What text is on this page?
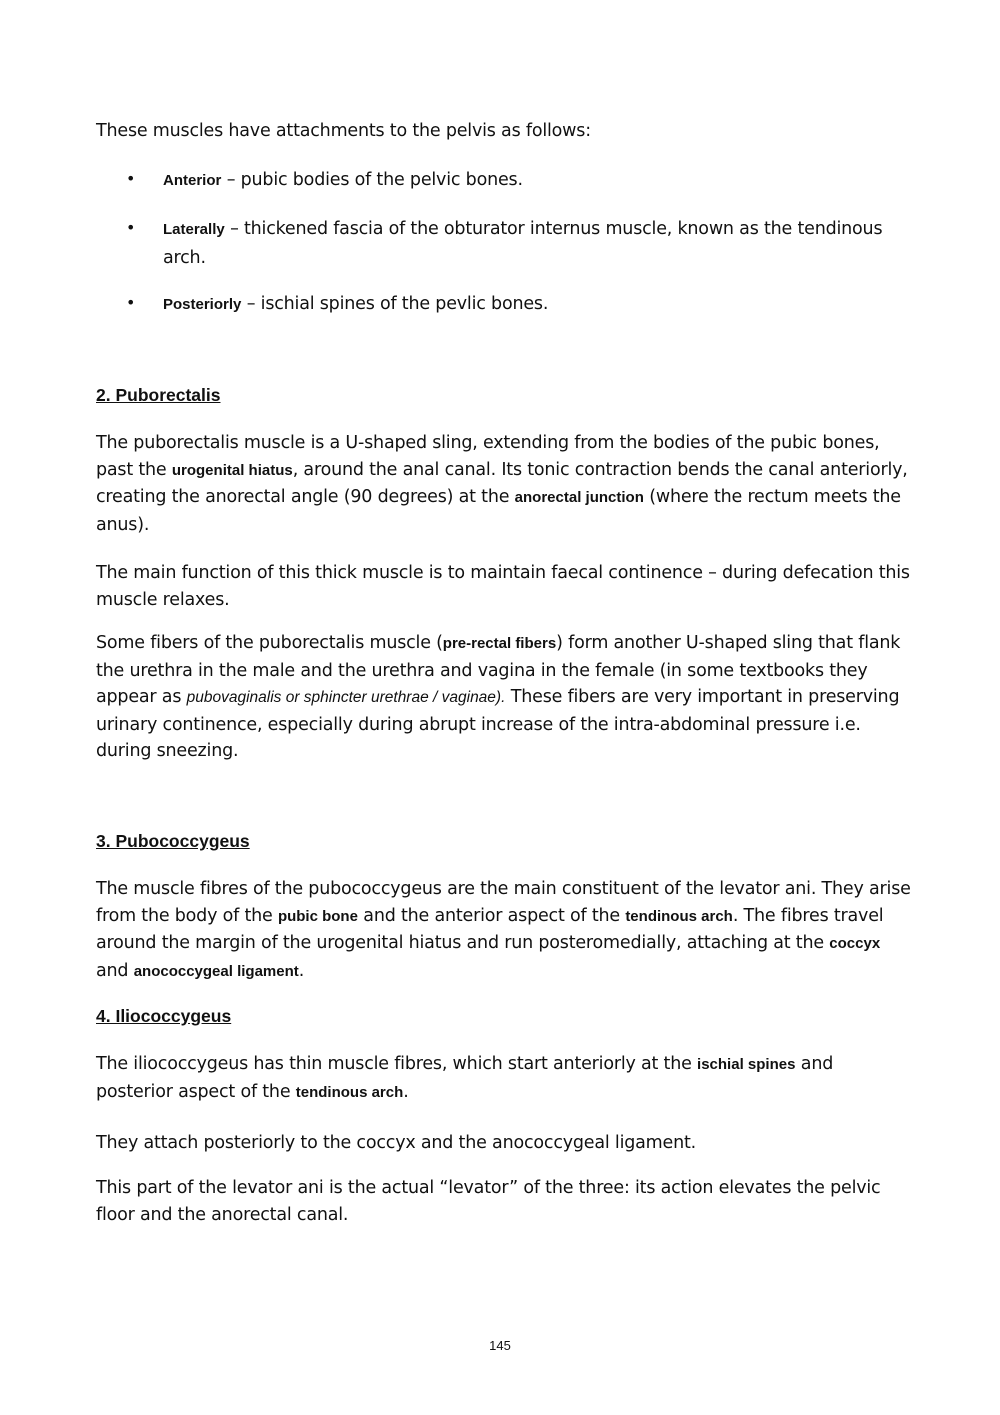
These muscles have attachments to the pelvis as follows:

• Anterior – pubic bodies of the pelvic bones.

• Laterally – thickened fascia of the obturator internus muscle, known as the tendinous arch.

• Posteriorly – ischial spines of the pevlic bones.

2. Puborectalis

The puborectalis muscle is a U-shaped sling, extending from the bodies of the pubic bones, past the urogenital hiatus, around the anal canal. Its tonic contraction bends the canal anteriorly, creating the anorectal angle (90 degrees) at the anorectal junction (where the rectum meets the anus).

The main function of this thick muscle is to maintain faecal continence – during defecation this muscle relaxes.

Some fibers of the puborectalis muscle (pre-rectal fibers) form another U-shaped sling that flank the urethra in the male and the urethra and vagina in the female (in some textbooks they appear as pubovaginalis or sphincter urethrae / vaginae). These fibers are very important in preserving urinary continence, especially during abrupt increase of the intra-abdominal pressure i.e. during sneezing.

3. Pubococcygeus

The muscle fibres of the pubococcygeus are the main constituent of the levator ani. They arise from the body of the pubic bone and the anterior aspect of the tendinous arch. The fibres travel around the margin of the urogenital hiatus and run posteromedially, attaching at the coccyx and anococcygeal ligament.

4. Iliococcygeus

The iliococcygeus has thin muscle fibres, which start anteriorly at the ischial spines and posterior aspect of the tendinous arch.

They attach posteriorly to the coccyx and the anococcygeal ligament.

This part of the levator ani is the actual “levator” of the three: its action elevates the pelvic floor and the anorectal canal.

145
